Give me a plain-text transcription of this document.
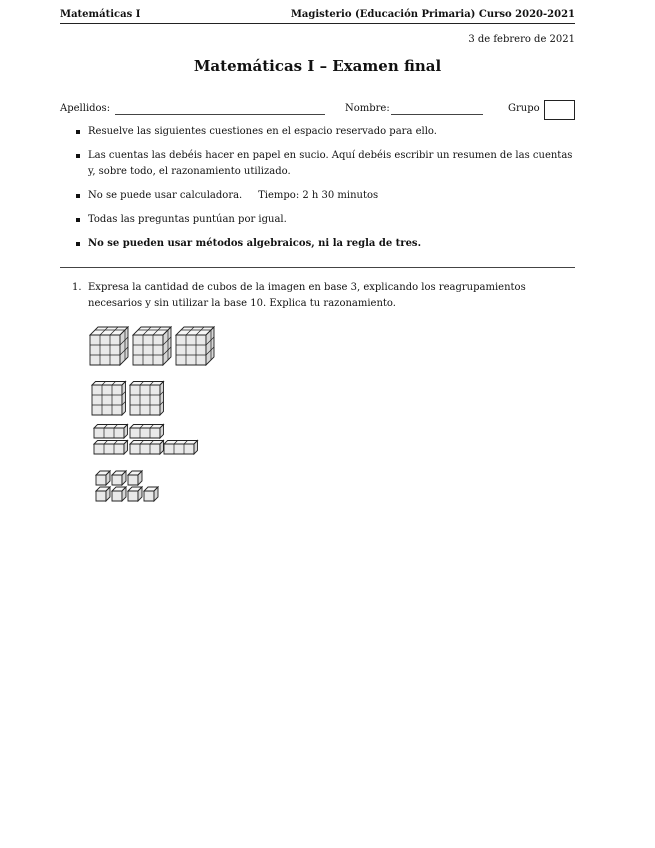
Matemáticas I	Magisterio (Educación Primaria) Curso 2020-2021
3 de febrero de 2021
Matemáticas I – Examen final
Apellidos:	Nombre:	Grupo
Resuelve las siguientes cuestiones en el espacio reservado para ello.
Las cuentas las debéis hacer en papel en sucio. Aquí debéis escribir un resumen de las cuentas y, sobre todo, el razonamiento utilizado.
No se puede usar calculadora.     Tiempo: 2 h 30 minutos
Todas las preguntas puntúan por igual.
No se pueden usar métodos algebraicos, ni la regla de tres.
1. Expresa la cantidad de cubos de la imagen en base 3, explicando los reagrupamientos necesarios y sin utilizar la base 10. Explica tu razonamiento.
